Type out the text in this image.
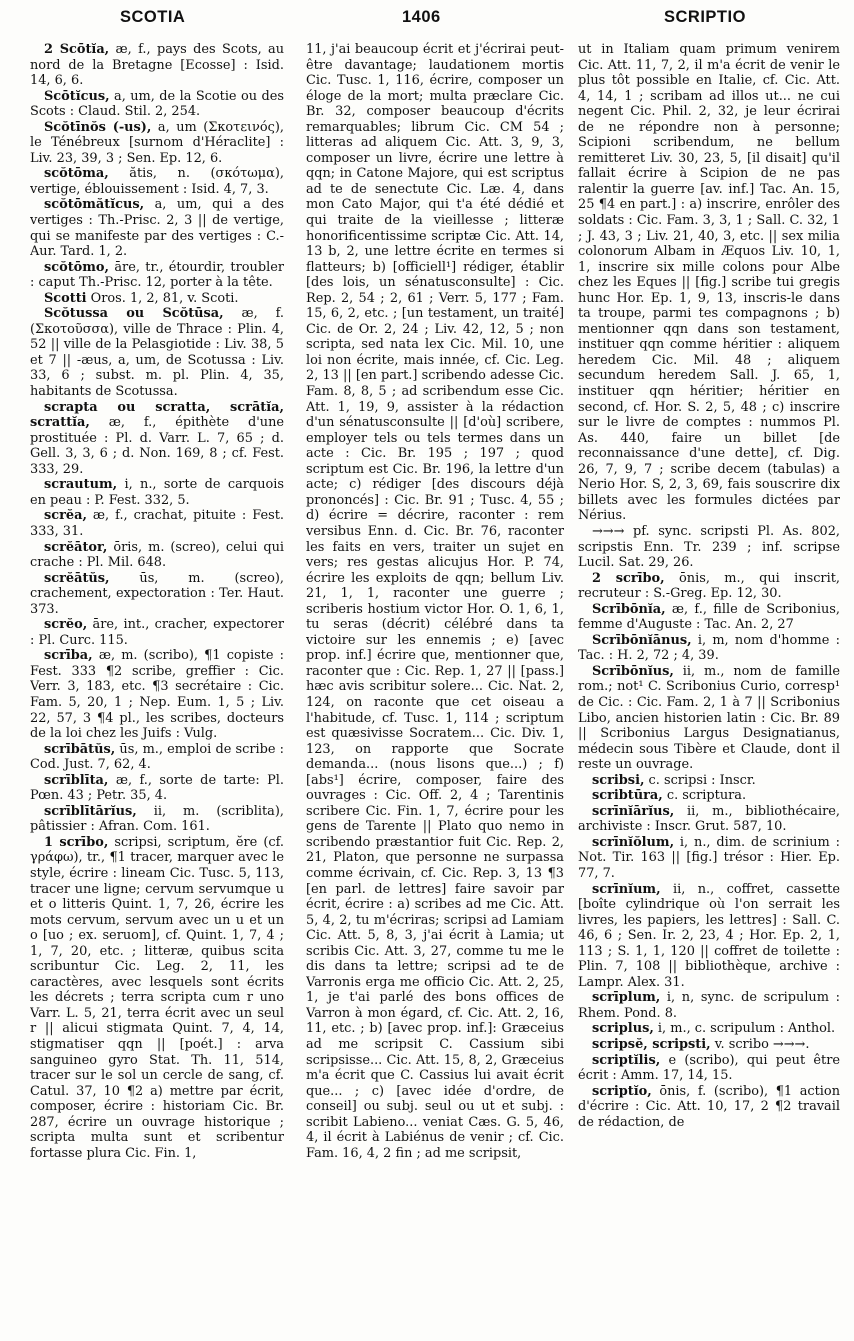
SCOTIA	1406	SCRIPTIO

2 Scōtĭa, æ, f., pays des Scots, au nord de la Bretagne [Ecosse] : Isid. 14, 6, 6.

Scōtĭcus, a, um, de la Scotie ou des Scots : Claud. Stil. 2, 254.

Scŏtīnŏs (-us), a, um (Σκοτεινός), le Ténébreux [surnom d'Héraclite] : Liv. 23, 39, 3 ; Sen. Ep. 12, 6.

scŏtōma, ătis, n. (σκότωμα), vertige, éblouissement : Isid. 4, 7, 3.

scŏtōmătĭcus, a, um, qui a des vertiges : Th.-Prisc. 2, 3 || de vertige, qui se manifeste par des vertiges : C.-Aur. Tard. 1, 2.

scŏtōmo, āre, tr., étourdir, troubler : caput Th.-Prisc. 12, porter à la tête.

Scotti Oros. 1, 2, 81, v. Scoti.

Scŏtussa ou Scŏtūsa, æ, f. (Σκοτοῦσσα), ville de Thrace : Plin. 4, 52 || ville de la Pelasgiotide : Liv. 38, 5 et 7 || -æus, a, um, de Scotussa : Liv. 33, 6 ; subst. m. pl. Plin. 4, 35, habitants de Scotussa.

scrapta ou scratta, scrātĭa, scrattĭa, æ, f., épithète d'une prostituée : Pl. d. Varr. L. 7, 65 ; d. Gell. 3, 3, 6 ; d. Non. 169, 8 ; cf. Fest. 333, 29.

scrautum, i, n., sorte de carquois en peau : P. Fest. 332, 5.

scrĕa, æ, f., crachat, pituite : Fest. 333, 31.

scrĕātor, ōris, m. (screo), celui qui crache : Pl. Mil. 648.

scrĕātŭs, ūs, m. (screo), crachement, expectoration : Ter. Haut. 373.

scrĕo, āre, int., cracher, expectorer : Pl. Curc. 115.

scrība, æ, m. (scribo), ¶1 copiste : Fest. 333 ¶2 scribe, greffier : Cic. Verr. 3, 183, etc. ¶3 secrétaire : Cic. Fam. 5, 20, 1 ; Nep. Eum. 1, 5 ; Liv. 22, 57, 3 ¶4 pl., les scribes, docteurs de la loi chez les Juifs : Vulg.

scrībātŭs, ūs, m., emploi de scribe : Cod. Just. 7, 62, 4.

scrīblīta, æ, f., sorte de tarte: Pl. Pœn. 43 ; Petr. 35, 4.

scrīblītārĭus, ii, m. (scriblita), pâtissier : Afran. Com. 161.

1 scrībo, scripsi, scriptum, ĕre (cf. γράφω), tr., ¶1 tracer, marquer avec le style, écrire : lineam Cic. Tusc. 5, 113, tracer une ligne; cervum servumque u et o litteris Quint. 1, 7, 26, écrire les mots cervum, servum avec un u et un o [uo ; ex. seruom], cf. Quint. 1, 7, 4 ; 1, 7, 20, etc. ; litteræ, quibus scita scribuntur Cic. Leg. 2, 11, les caractères, avec lesquels sont écrits les décrets ; terra scripta cum r uno Varr. L. 5, 21, terra écrit avec un seul r || alicui stigmata Quint. 7, 4, 14, stigmatiser qqn || [poét.] : arva sanguineo gyro Stat. Th. 11, 514, tracer sur le sol un cercle de sang, cf. Catul. 37, 10 ¶2 a) mettre par écrit, composer, écrire : historiam Cic. Br. 287, écrire un ouvrage historique ; scripta multa sunt et scribentur fortasse plura Cic. Fin. 1,

11, j'ai beaucoup écrit et j'écrirai peut-être davantage; laudationem mortis Cic. Tusc. 1, 116, écrire, composer un éloge de la mort; multa præclare Cic. Br. 32, composer beaucoup d'écrits remarquables; librum Cic. CM 54 ; litteras ad aliquem Cic. Att. 3, 9, 3, composer un livre, écrire une lettre à qqn; in Catone Majore, qui est scriptus ad te de senectute Cic. Læ. 4, dans mon Cato Major, qui t'a été dédié et qui traite de la vieillesse ; litteræ honorificentissime scriptæ Cic. Att. 14, 13 b, 2, une lettre écrite en termes si flatteurs; b) [officiell¹] rédiger, établir [des lois, un sénatusconsulte] : Cic. Rep. 2, 54 ; 2, 61 ; Verr. 5, 177 ; Fam. 15, 6, 2, etc. ; [un testament, un traité] Cic. de Or. 2, 24 ; Liv. 42, 12, 5 ; non scripta, sed nata lex Cic. Mil. 10, une loi non écrite, mais innée, cf. Cic. Leg. 2, 13 || [en part.] scribendo adesse Cic. Fam. 8, 8, 5 ; ad scribendum esse Cic. Att. 1, 19, 9, assister à la rédaction d'un sénatusconsulte || [d'où] scribere, employer tels ou tels termes dans un acte : Cic. Br. 195 ; 197 ; quod scriptum est Cic. Br. 196, la lettre d'un acte; c) rédiger [des discours déjà prononcés] : Cic. Br. 91 ; Tusc. 4, 55 ; d) écrire = décrire, raconter : rem versibus Enn. d. Cic. Br. 76, raconter les faits en vers, traiter un sujet en vers; res gestas alicujus Hor. P. 74, écrire les exploits de qqn; bellum Liv. 21, 1, 1, raconter une guerre ; scriberis hostium victor Hor. O. 1, 6, 1, tu seras (décrit) célébré dans ta victoire sur les ennemis ; e) [avec prop. inf.] écrire que, mentionner que, raconter que : Cic. Rep. 1, 27 || [pass.] hæc avis scribitur solere... Cic. Nat. 2, 124, on raconte que cet oiseau a l'habitude, cf. Tusc. 1, 114 ; scriptum est quæsivisse Socratem... Cic. Div. 1, 123, on rapporte que Socrate demanda... (nous lisons que...) ; f) [abs¹] écrire, composer, faire des ouvrages : Cic. Off. 2, 4 ; Tarentinis scribere Cic. Fin. 1, 7, écrire pour les gens de Tarente || Plato quo nemo in scribendo præstantior fuit Cic. Rep. 2, 21, Platon, que personne ne surpassa comme écrivain, cf. Cic. Rep. 3, 13 ¶3 [en parl. de lettres] faire savoir par écrit, écrire : a) scribes ad me Cic. Att. 5, 4, 2, tu m'écriras; scripsi ad Lamiam Cic. Att. 5, 8, 3, j'ai écrit à Lamia; ut scribis Cic. Att. 3, 27, comme tu me le dis dans ta lettre; scripsi ad te de Varronis erga me officio Cic. Att. 2, 25, 1, je t'ai parlé des bons offices de Varron à mon égard, cf. Cic. Att. 2, 16, 11, etc. ; b) [avec prop. inf.]: Græceius ad me scripsit C. Cassium sibi scripsisse... Cic. Att. 15, 8, 2, Græceius m'a écrit que C. Cassius lui avait écrit que... ; c) [avec idée d'ordre, de conseil] ou subj. seul ou ut et subj. : scribit Labieno... veniat Cæs. G. 5, 46, 4, il écrit à Labiénus de venir ; cf. Cic. Fam. 16, 4, 2 fin ; ad me scripsit,

ut in Italiam quam primum venirem Cic. Att. 11, 7, 2, il m'a écrit de venir le plus tôt possible en Italie, cf. Cic. Att. 4, 14, 1 ; scribam ad illos ut... ne cui negent Cic. Phil. 2, 32, je leur écrirai de ne répondre non à personne; Scipioni scribendum, ne bellum remitteret Liv. 30, 23, 5, [il disait] qu'il fallait écrire à Scipion de ne pas ralentir la guerre [av. inf.] Tac. An. 15, 25 ¶4 en part.] : a) inscrire, enrôler des soldats : Cic. Fam. 3, 3, 1 ; Sall. C. 32, 1 ; J. 43, 3 ; Liv. 21, 40, 3, etc. || sex milia colonorum Albam in Æquos Liv. 10, 1, 1, inscrire six mille colons pour Albe chez les Eques || [fig.] scribe tui gregis hunc Hor. Ep. 1, 9, 13, inscris-le dans ta troupe, parmi tes compagnons ; b) mentionner qqn dans son testament, instituer qqn comme héritier : aliquem heredem Cic. Mil. 48 ; aliquem secundum heredem Sall. J. 65, 1, instituer qqn héritier; héritier en second, cf. Hor. S. 2, 5, 48 ; c) inscrire sur le livre de comptes : nummos Pl. As. 440, faire un billet [de reconnaissance d'une dette], cf. Dig. 26, 7, 9, 7 ; scribe decem (tabulas) a Nerio Hor. S, 2, 3, 69, fais souscrire dix billets avec les formules dictées par Nérius.

→→→ pf. sync. scripsti Pl. As. 802, scripstis Enn. Tr. 239 ; inf. scripse Lucil. Sat. 29, 26.

2 scrībo, ōnis, m., qui inscrit, recruteur : S.-Greg. Ep. 12, 30.

Scrībōnĭa, æ, f., fille de Scribonius, femme d'Auguste : Tac. An. 2, 27

Scrībōnĭānus, i, m, nom d'homme : Tac. : H. 2, 72 ; 4, 39.

Scrībōnĭus, ii, m., nom de famille rom.; not¹ C. Scribonius Curio, corresp¹ de Cic. : Cic. Fam. 2, 1 à 7 || Scribonius Libo, ancien historien latin : Cic. Br. 89 || Scribonius Largus Designatianus, médecin sous Tibère et Claude, dont il reste un ouvrage.

scribsi, c. scripsi : Inscr.

scribtūra, c. scriptura.

scrīnĭārĭus, ii, m., bibliothécaire, archiviste : Inscr. Grut. 587, 10.

scrīnĭŏlum, i, n., dim. de scrinium : Not. Tir. 163 || [fig.] trésor : Hier. Ep. 77, 7.

scrīnĭum, ii, n., coffret, cassette [boîte cylindrique où l'on serrait les livres, les papiers, les lettres] : Sall. C. 46, 6 ; Sen. Ir. 2, 23, 4 ; Hor. Ep. 2, 1, 113 ; S. 1, 1, 120 || coffret de toilette : Plin. 7, 108 || bibliothèque, archive : Lampr. Alex. 31.

scrīplum, i, n, sync. de scripulum : Rhem. Pond. 8.

scriplus, i, m., c. scripulum : Anthol.

scripsĕ, scripsti, v. scribo →→→.

scriptĭlis, e (scribo), qui peut être écrit : Amm. 17, 14, 15.

scriptĭo, ōnis, f. (scribo), ¶1 action d'écrire : Cic. Att. 10, 17, 2 ¶2 travail de rédaction, de
